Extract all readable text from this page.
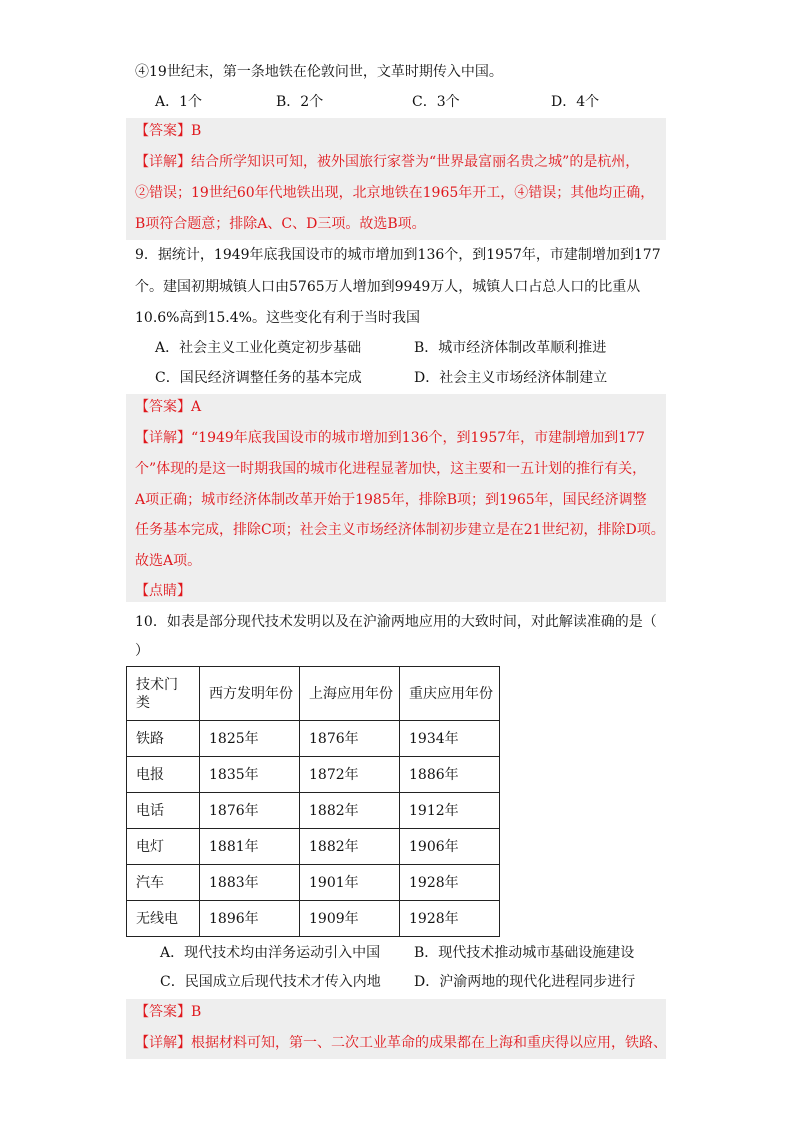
④19世纪末，第一条地铁在伦敦问世，文革时期传入中国。
A．1个	B．2个	C．3个	D．4个
【答案】B
【详解】结合所学知识可知，被外国旅行家誉为“世界最富丽名贵之城”的是杭州，
②错误；19世纪60年代地铁出现，北京地铁在1965年开工，④错误；其他均正确，
B项符合题意；排除A、C、D三项。故选B项。
9．据统计，1949年底我国设市的城市增加到136个，到1957年，市建制增加到177
个。建国初期城镇人口由5765万人增加到9949万人，城镇人口占总人口的比重从
10.6%高到15.4%。这些变化有利于当时我国
A．社会主义工业化奠定初步基础	B．城市经济体制改革顺利推进
C．国民经济调整任务的基本完成	D．社会主义市场经济体制建立
【答案】A
【详解】“1949年底我国设市的城市增加到136个，到1957年，市建制增加到177
个”体现的是这一时期我国的城市化进程显著加快，这主要和一五计划的推行有关，
A项正确；城市经济体制改革开始于1985年，排除B项；到1965年，国民经济调整
任务基本完成，排除C项；社会主义市场经济体制初步建立是在21世纪初，排除D项。
故选A项。
【点睛】
10．如表是部分现代技术发明以及在沪渝两地应用的大致时间，对此解读准确的是（
）
技术门类	西方发明年份	上海应用年份	重庆应用年份
铁路	1825年	1876年	1934年
电报	1835年	1872年	1886年
电话	1876年	1882年	1912年
电灯	1881年	1882年	1906年
汽车	1883年	1901年	1928年
无线电	1896年	1909年	1928年
A．现代技术均由洋务运动引入中国 B．现代技术推动城市基础设施建设
C．民国成立后现代技术才传入内地 D．沪渝两地的现代化进程同步进行
【答案】B
【详解】根据材料可知，第一、二次工业革命的成果都在上海和重庆得以应用，铁路、
